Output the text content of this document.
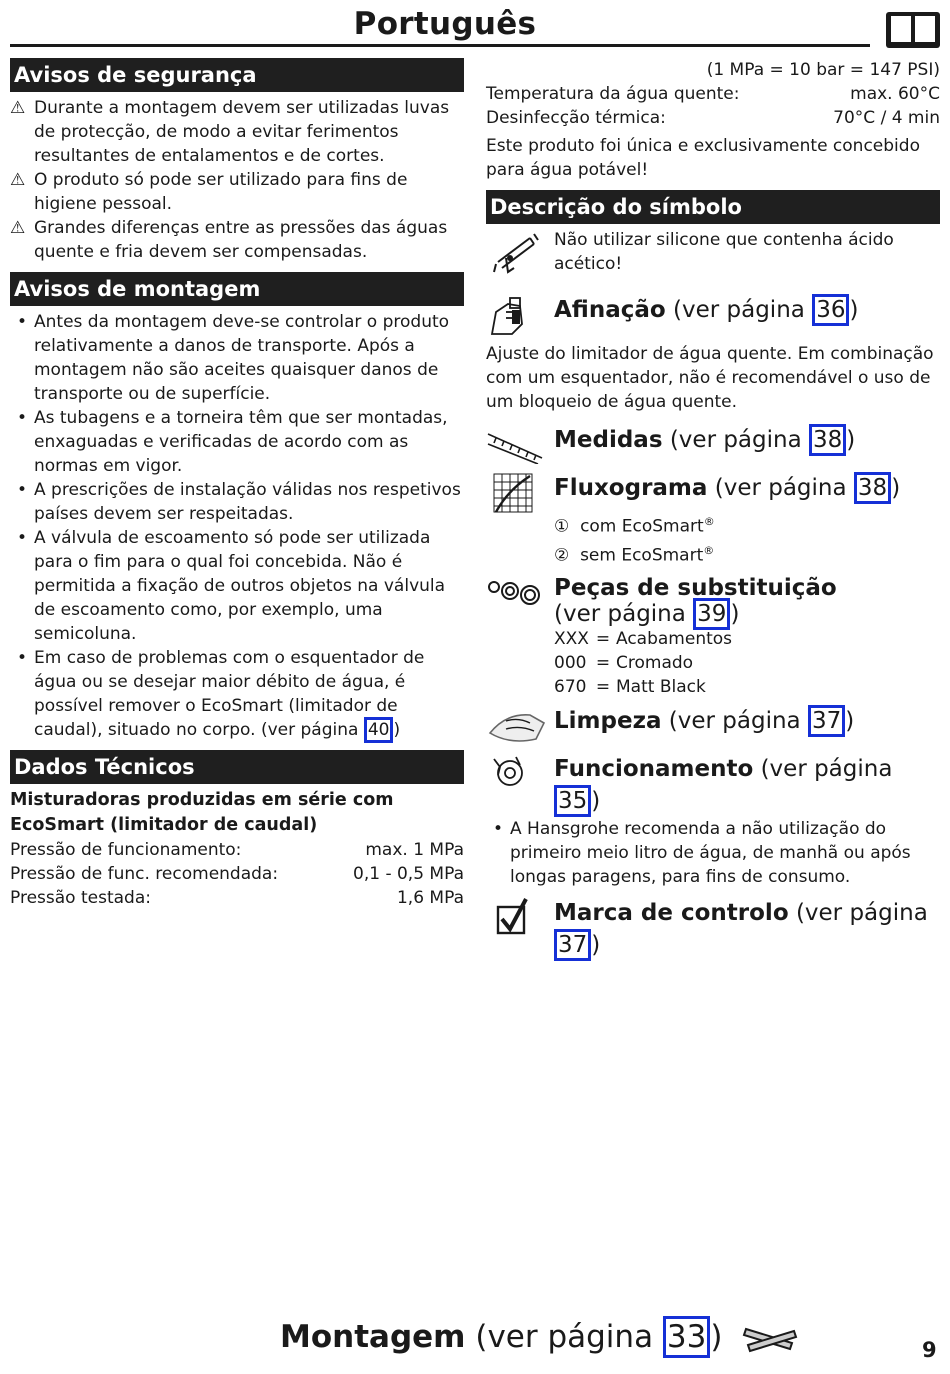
Português
Avisos de segurança
⚠ Durante a montagem devem ser utilizadas luvas de protecção, de modo a evitar ferimentos resultantes de entalamentos e de cortes.
⚠ O produto só pode ser utilizado para fins de higiene pessoal.
⚠ Grandes diferenças entre as pressões das águas quente e fria devem ser compensadas.
Avisos de montagem
• Antes da montagem deve-se controlar o produto relativamente a danos de transporte. Após a montagem não são aceites quaisquer danos de transporte ou de superfície.
• As tubagens e a torneira têm que ser montadas, enxaguadas e verificadas de acordo com as normas em vigor.
• A prescrições de instalação válidas nos respetivos países devem ser respeitadas.
• A válvula de escoamento só pode ser utilizada para o fim para o qual foi concebida. Não é permitida a fixação de outros objetos na válvula de escoamento como, por exemplo, uma semicoluna.
• Em caso de problemas com o esquentador de água ou se desejar maior débito de água, é possível remover o EcoSmart (limitador de caudal), situado no corpo. (ver página 40 )
Dados Técnicos
Misturadoras produzidas em série com EcoSmart (limitador de caudal)
Pressão de funcionamento:	max. 1 MPa
Pressão de func. recomendada:	0,1 - 0,5 MPa
Pressão testada:	1,6 MPa
(1 MPa = 10 bar = 147 PSI)
Temperatura da água quente:	max. 60°C
Desinfecção térmica:	70°C / 4 min
Este produto foi única e exclusivamente concebido para água potável!
Descrição do símbolo
Não utilizar silicone que contenha ácido acético!
Afinação (ver página 36 )
Ajuste do limitador de água quente. Em combinação com um esquentador, não é recomendável o uso de um bloqueio de água quente.
Medidas (ver página 38 )
Fluxograma (ver página 38 )
① com EcoSmart®
② sem EcoSmart®
Peças de substituição
(ver página 39 )
XXX = Acabamentos
000 = Cromado
670 = Matt Black
Limpeza (ver página 37 )
Funcionamento (ver página 35 )
• A Hansgrohe recomenda a não utilização do primeiro meio litro de água, de manhã ou após longas paragens, para fins de consumo.
Marca de controlo (ver página 37 )
Montagem (ver página 33 )	9
